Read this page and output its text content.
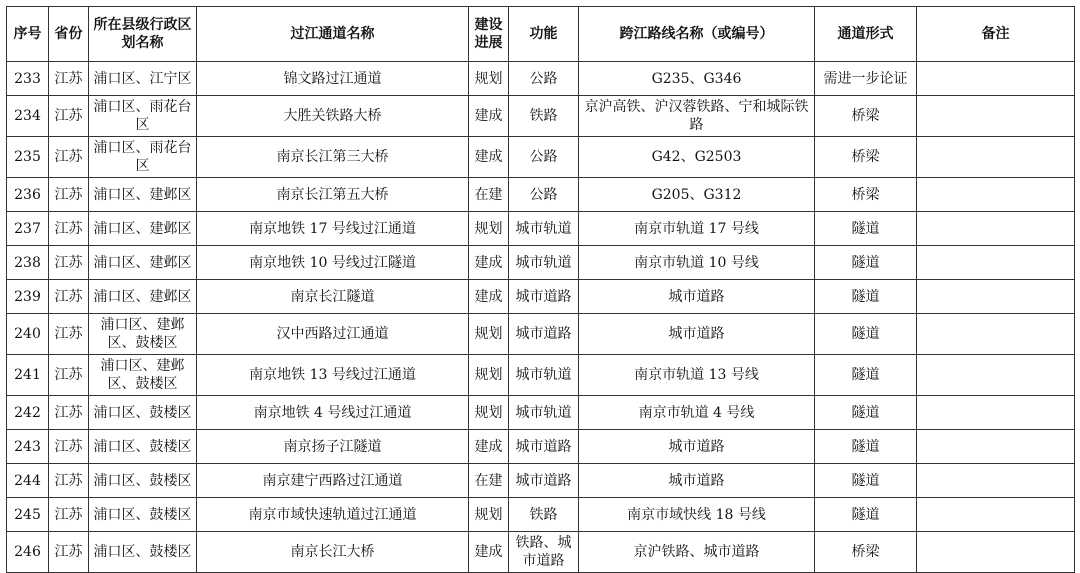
序号	省份	所在县级行政区划名称	过江通道名称	建设进展	功能	跨江路线名称（或编号）	通道形式	备注
233	江苏	浦口区、江宁区	锦文路过江通道	规划	公路	G235、G346	需进一步论证	
234	江苏	浦口区、雨花台区	大胜关铁路大桥	建成	铁路	京沪高铁、沪汉蓉铁路、宁和城际铁路	桥梁	
235	江苏	浦口区、雨花台区	南京长江第三大桥	建成	公路	G42、G2503	桥梁	
236	江苏	浦口区、建邺区	南京长江第五大桥	在建	公路	G205、G312	桥梁	
237	江苏	浦口区、建邺区	南京地铁 17 号线过江通道	规划	城市轨道	南京市轨道 17 号线	隧道	
238	江苏	浦口区、建邺区	南京地铁 10 号线过江隧道	建成	城市轨道	南京市轨道 10 号线	隧道	
239	江苏	浦口区、建邺区	南京长江隧道	建成	城市道路	城市道路	隧道	
240	江苏	浦口区、建邺区、鼓楼区	汉中西路过江通道	规划	城市道路	城市道路	隧道	
241	江苏	浦口区、建邺区、鼓楼区	南京地铁 13 号线过江通道	规划	城市轨道	南京市轨道 13 号线	隧道	
242	江苏	浦口区、鼓楼区	南京地铁 4 号线过江通道	规划	城市轨道	南京市轨道 4 号线	隧道	
243	江苏	浦口区、鼓楼区	南京扬子江隧道	建成	城市道路	城市道路	隧道	
244	江苏	浦口区、鼓楼区	南京建宁西路过江通道	在建	城市道路	城市道路	隧道	
245	江苏	浦口区、鼓楼区	南京市域快速轨道过江通道	规划	铁路	南京市域快线 18 号线	隧道	
246	江苏	浦口区、鼓楼区	南京长江大桥	建成	铁路、城市道路	京沪铁路、城市道路	桥梁	
